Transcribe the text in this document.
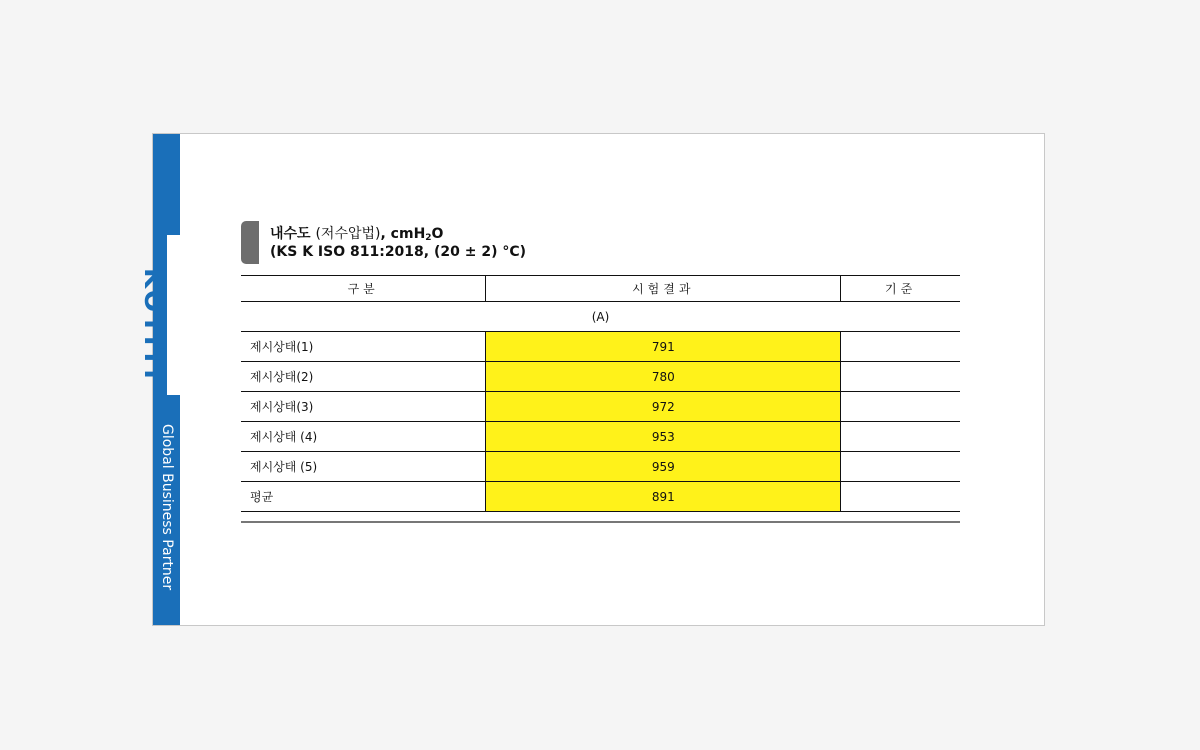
KOTITI
Global Business Partner
내수도 (저수압법), cmH$_2$O
(KS K ISO 811:2018, (20 ± 2) °C)
구분	시험결과	기준
(A)		
제시상태(1)	791	
제시상태(2)	780	
제시상태(3)	972	
제시상태 (4)	953	
제시상태 (5)	959	
평균	891	
